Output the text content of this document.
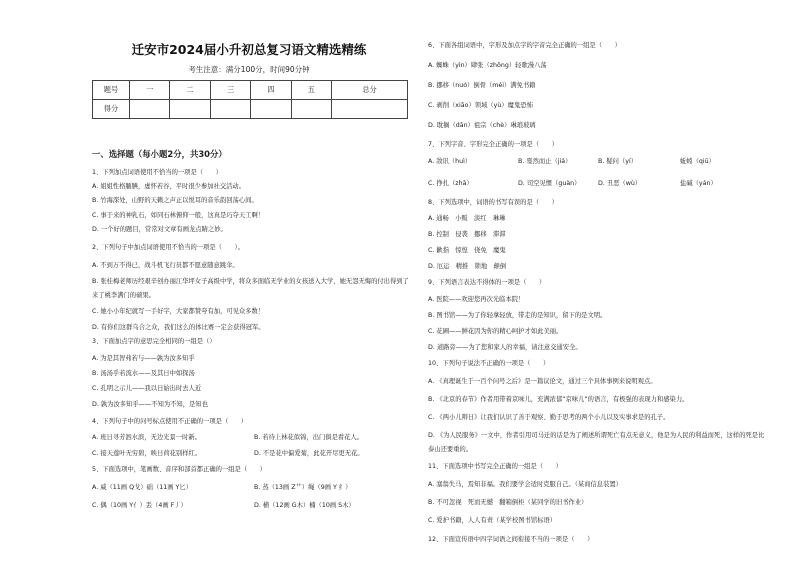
迁安市2024届小升初总复习语文精选精练
考生注意：满分100分，时间90分钟
题号	一	二	三	四	五	总分
得分						
一、选择题（每小题2分，共30分）
1、下列加点词语使用不恰当的一项是（　　）
A. 姐姐性格腼腆，虚怀若谷，平时很少参加社交活动。
B. 竹海深处，山野的天籁之声正以悦耳的音乐韵回荡心间。
C. 事于来的神乳石，如同石林俯仰一般，这真是巧夺天工啊！
D. 一个好的题目，常常对文章有画龙点睛之妙。
2、下列句子中加点词语使用不恰当的一项是（　　）。
A. 不到万不得已，战斗机飞行员都不愿意随意跳伞。
B. 张桂梅老师历经艰辛创办丽江华坪女子高级中学，将众多面临无学业的女孩送入大学，她无怨无悔的付出得到了
来了桃李满门的硕果。
C. 她小小年纪就写一手好字，大家都赞夸有加，可见众多数！
D. 有你们这群乌合之众，我们这么的体比赛一定会获得冠军。
3、下面加点字的意思完全相同的一组是（）
A. 为是其智弗若与——孰为汝多知乎
B. 汤汤乎若流水——及其日中如探汤
C. 孔明之示儿——我以日始出时去人近
D. 孰为汝多知乎——不知为不知，是知也
4、下列句子中的问号标点使用不正确的一项是（　　）
A. 班日寻芳泗水滨，无边光景一时新。	B. 若待上林花似锦，出门俱是看花人。
C. 接天莲叶无穷碧，映日荷花别样红。	D. 不是花中偏爱菊，此花开尽更无花。
5、下面选项中，笔画数、音序和部首都正确的一组是（　　）
A. 威（11画 Q戈）础（11画 Y匕）	B. 蒸（13画 Z艹）绳（9画 Y 纟）
C. 偶（10画 Y亻）丢（4画 F丿）	D. 横（12画 G木）楠（10画 S木）
6、下面各组词语中，字形及加点字的字音完全正确的一组是（　　）
A. 蜘蛛（yìn）肆张（zhōng）轻歌漫八荡
B. 挪移（nuó）倒骨（méi）满免书籍
C. 剥削（xiāo）领域（yù）魔鬼恐怖
D. 耽搁（dān）祖宗（chè）琳琅玻璃
7、下列字音、字形完全正确的一项是（　　）
A. 敌讯（huì）	B. 戛然而止（jiá）	B. 疑问（yí）	蚯蚓（qiū）
C. 挣扎（zhā）	D. 司空见惯（guàn）	D. 丑恶（wù）	盐碱（yán）
8、下列选项中，词语的书写有误的是（　　）
A. 通畅　小贩　淡红　琳琳
B. 控制　侵袭　挪移　滞滞
C. 歉指　惊惶　侥免　魔鬼
D. 厄运　精推　锁地　颠倒
9、下列语言表达不得体的一项是（　　）
A. 医院——欢迎您再次光临本院！
B. 图书馆——为了你轻拿轻放，带走的是知识，留下的是文明。
C. 花圃——鲜花因为你的精心呵护才如此美丽。
D. 道路旁——为了您和家人的幸福，请注意交通安全。
10、下列句子说法不正确的一项是（　　）
A. 《真理诞生于一百个问号之后》是一篇议论文，通过三个具体事例来说明观点。
B. 《北京的春节》作者用带着京味儿，充满浓郁“京味儿”的语言，有极强的表现力和感染力。
C. 《两小儿辩日》让我们认识了善于观察、勤于思考的两个小儿以及实事求是的孔子。
D. 《为人民服务》一文中，作者引用司马迁的话是为了阐述所谓死亡有点无意义，他是为人民的利益而死，这样的死是比
泰山还要重的。
11、下面选项中书写完全正确的一组是（　　）
A. 塞翁失马，焉知非福。我们要学会适时克服自己。（某商信息装置）
B. 不可忽视　死而无憾　翻箱倒柜（某同学的旧书作业）
C. 爱护书籍，人人有责（某学校图书馆标语）
12、下面宣传语中四字词语之间衔接不当的一项是（　　）
